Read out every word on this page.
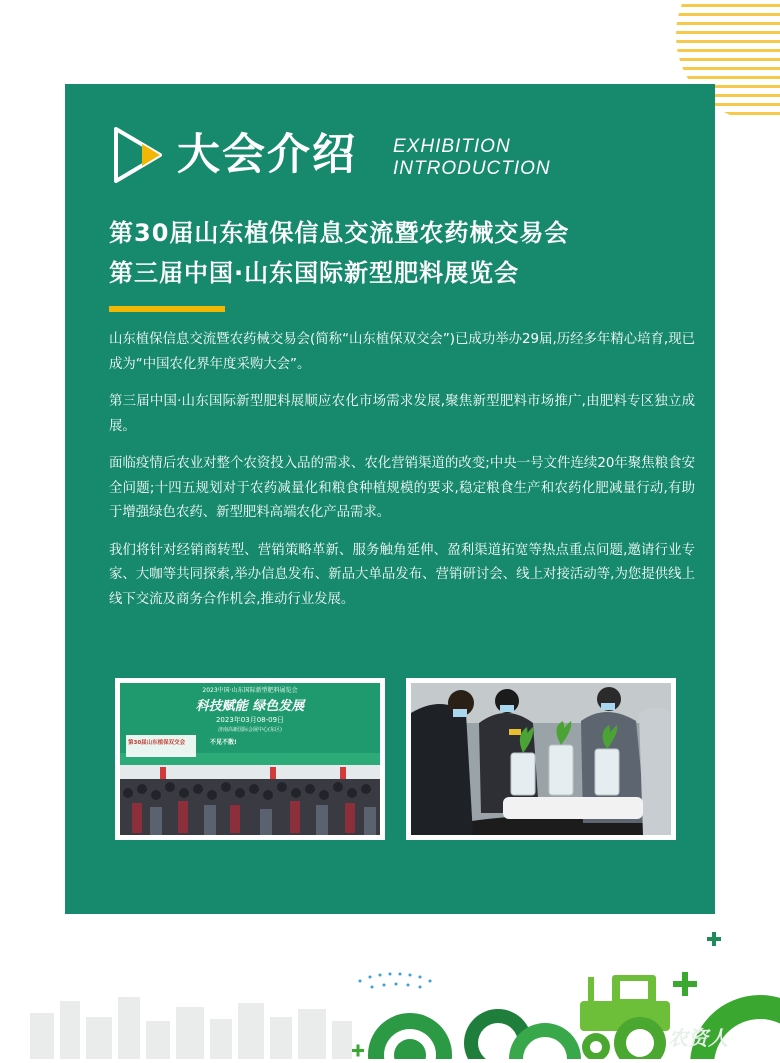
大会介绍 EXHIBITION
INTRODUCTION
第30届山东植保信息交流暨农药械交易会
第三届中国·山东国际新型肥料展览会

山东植保信息交流暨农药械交易会(简称“山东植保双交会”)已成功举办29届,历经多年精心培育,现已成为“中国农化界年度采购大会”。

第三届中国·山东国际新型肥料展顺应农化市场需求发展,聚焦新型肥料市场推广,由肥料专区独立成展。

面临疫情后农业对整个农资投入品的需求、农化营销渠道的改变;中央一号文件连续20年聚焦粮食安全问题;十四五规划对于农药减量化和粮食种植规模的要求,稳定粮食生产和农药化肥减量行动,有助于增强绿色农药、新型肥料高端农化产品需求。

我们将针对经销商转型、营销策略革新、服务触角延伸、盈利渠道拓宽等热点重点问题,邀请行业专家、大咖等共同探索,举办信息发布、新品大单品发布、营销研讨会、线上对接活动等,为您提供线上线下交流及商务合作机会,推动行业发展。

2023中国·山东国际新型肥料展览会
科技赋能 绿色发展
2023年03月08-09日
济南高新国际会展中心(东区)
第30届山东植保双交会	不见不散!
农资人
